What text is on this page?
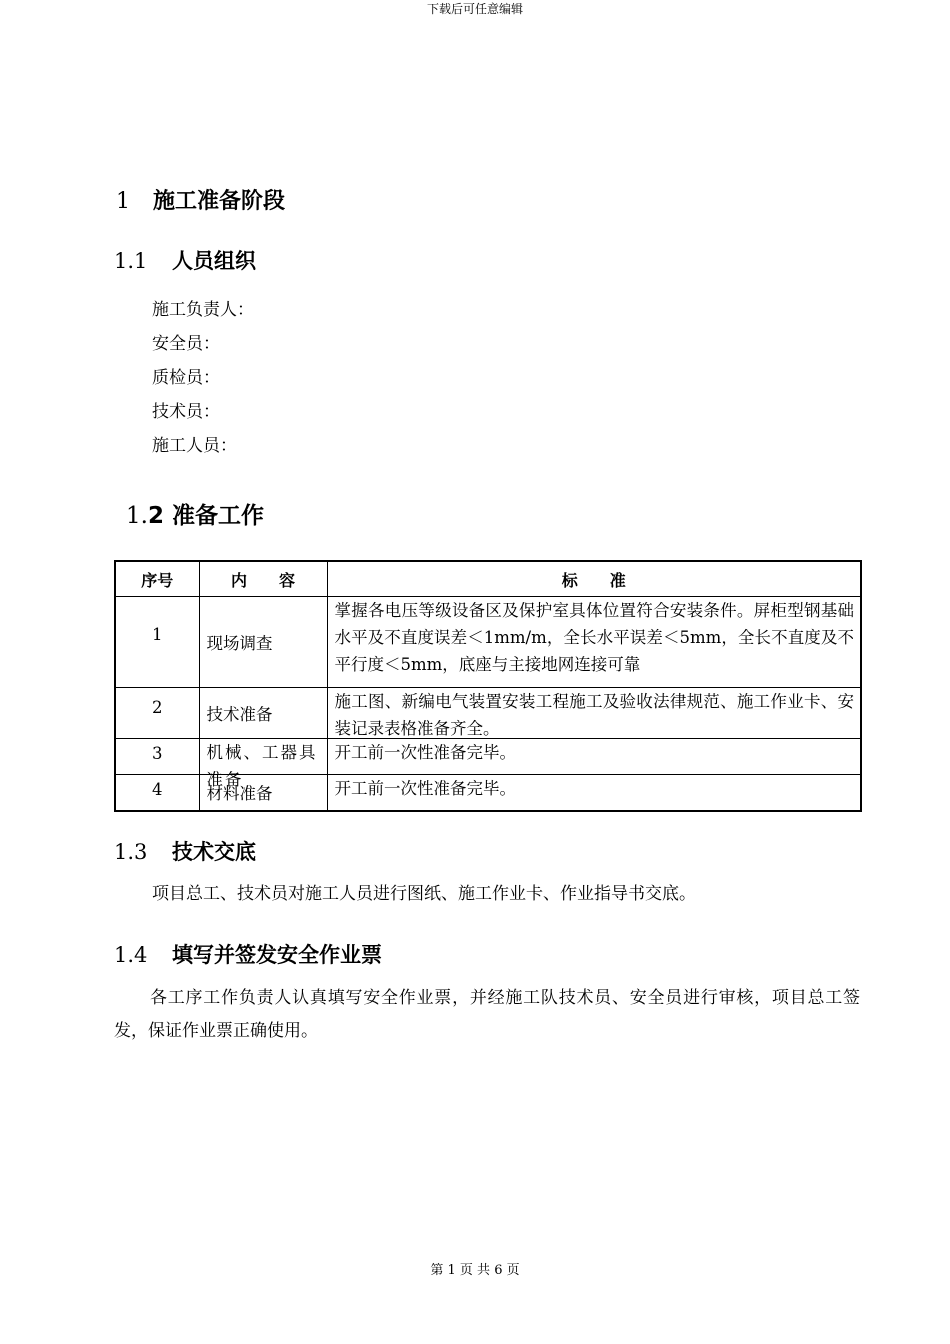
下载后可任意编辑
1 施工准备阶段
1.1 人员组织
施工负责人：
安全员：
质检员：
技术员：
施工人员：
1.2 准备工作
序号	内　　容	标　　准
1	现场调查	掌握各电压等级设备区及保护室具体位置符合安装条件。屏柜型钢基础水平及不直度误差＜1mm/m，全长水平误差＜5mm，全长不直度及不平行度＜5mm，底座与主接地网连接可靠

2	技术准备	施工图、新编电气装置安装工程施工及验收法律规范、施工作业卡、安装记录表格准备齐全。

3	机械、工器具准备	开工前一次性准备完毕。
4	材料准备	开工前一次性准备完毕。
1.3 技术交底
项目总工、技术员对施工人员进行图纸、施工作业卡、作业指导书交底。
1.4 填写并签发安全作业票
各工序工作负责人认真填写安全作业票，并经施工队技术员、安全员进行审核，项目总工签发，保证作业票正确使用。
第 1 页 共 6 页
